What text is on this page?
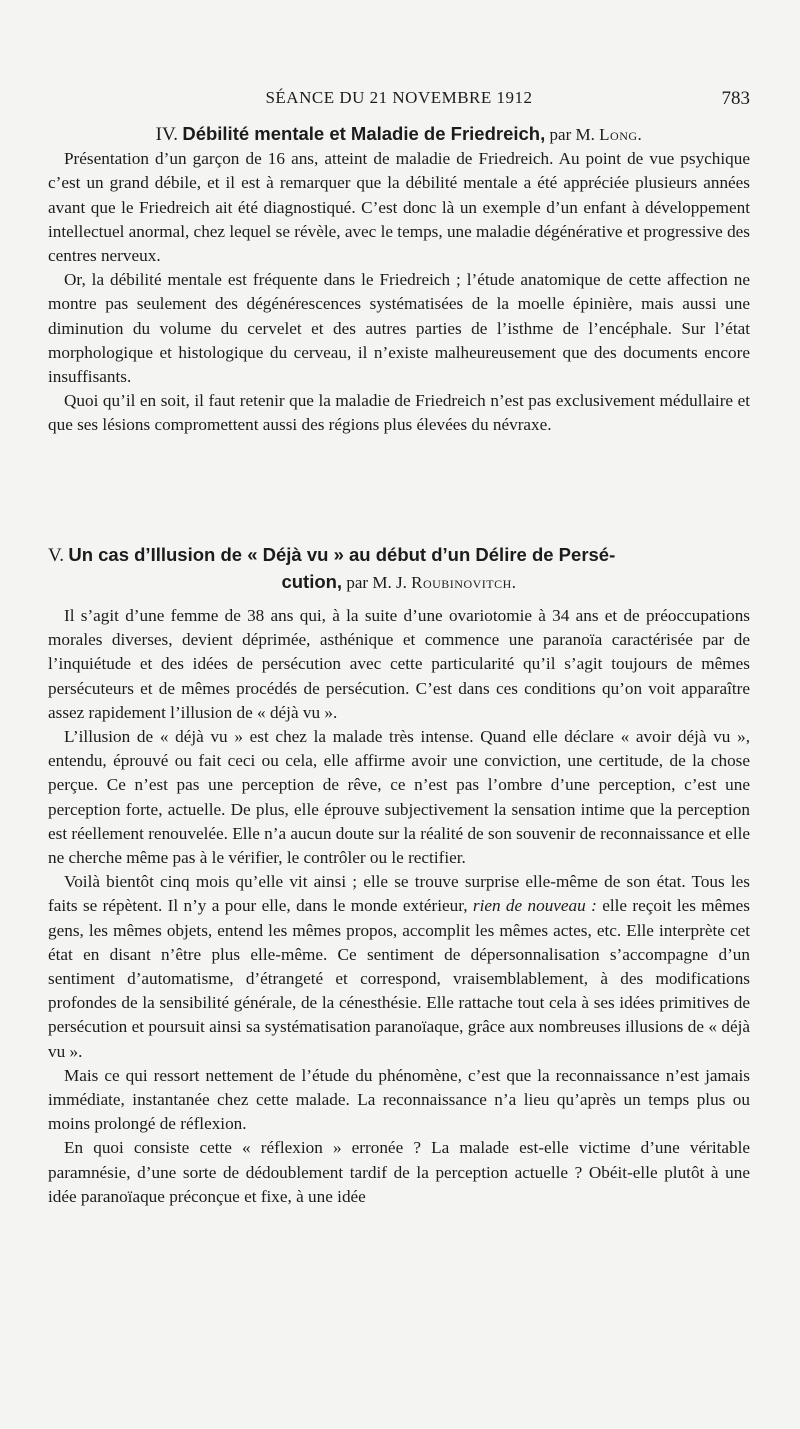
SÉANCE DU 21 NOVEMBRE 1912	783

IV. Débilité mentale et Maladie de Friedreich, par M. Long.

Présentation d’un garçon de 16 ans, atteint de maladie de Friedreich. Au point de vue psychique c’est un grand débile, et il est à remarquer que la débilité mentale a été appréciée plusieurs années avant que le Friedreich ait été diagnostiqué. C’est donc là un exemple d’un enfant à développement intellectuel anormal, chez lequel se révèle, avec le temps, une maladie dégénérative et progressive des centres nerveux.

Or, la débilité mentale est fréquente dans le Friedreich ; l’étude anatomique de cette affection ne montre pas seulement des dégénérescences systématisées de la moelle épinière, mais aussi une diminution du volume du cervelet et des autres parties de l’isthme de l’encéphale. Sur l’état morphologique et histologique du cerveau, il n’existe malheureusement que des documents encore insuffisants.

Quoi qu’il en soit, il faut retenir que la maladie de Friedreich n’est pas exclusivement médullaire et que ses lésions compromettent aussi des régions plus élevées du névraxe.

V. Un cas d’Illusion de « Déjà vu » au début d’un Délire de Persé-
cution, par M. J. Roubinovitch.

Il s’agit d’une femme de 38 ans qui, à la suite d’une ovariotomie à 34 ans et de préoccupations morales diverses, devient déprimée, asthénique et commence une paranoïa caractérisée par de l’inquiétude et des idées de persécution avec cette particularité qu’il s’agit toujours de mêmes persécuteurs et de mêmes procédés de persécution. C’est dans ces conditions qu’on voit apparaître assez rapidement l’illusion de « déjà vu ».

L’illusion de « déjà vu » est chez la malade très intense. Quand elle déclare « avoir déjà vu », entendu, éprouvé ou fait ceci ou cela, elle affirme avoir une conviction, une certitude, de la chose perçue. Ce n’est pas une perception de rêve, ce n’est pas l’ombre d’une perception, c’est une perception forte, actuelle. De plus, elle éprouve subjectivement la sensation intime que la perception est réellement renouvelée. Elle n’a aucun doute sur la réalité de son souvenir de reconnaissance et elle ne cherche même pas à le vérifier, le contrôler ou le rectifier.

Voilà bientôt cinq mois qu’elle vit ainsi ; elle se trouve surprise elle-même de son état. Tous les faits se répètent. Il n’y a pour elle, dans le monde extérieur, rien de nouveau : elle reçoit les mêmes gens, les mêmes objets, entend les mêmes propos, accomplit les mêmes actes, etc. Elle interprète cet état en disant n’être plus elle-même. Ce sentiment de dépersonnalisation s’accompagne d’un sentiment d’automatisme, d’étrangeté et correspond, vraisemblablement, à des modifications profondes de la sensibilité générale, de la cénesthésie. Elle rattache tout cela à ses idées primitives de persécution et poursuit ainsi sa systématisation paranoïaque, grâce aux nombreuses illusions de « déjà vu ».

Mais ce qui ressort nettement de l’étude du phénomène, c’est que la reconnaissance n’est jamais immédiate, instantanée chez cette malade. La reconnaissance n’a lieu qu’après un temps plus ou moins prolongé de réflexion.

En quoi consiste cette « réflexion » erronée ? La malade est-elle victime d’une véritable paramnésie, d’une sorte de dédoublement tardif de la perception actuelle ? Obéit-elle plutôt à une idée paranoïaque préconçue et fixe, à une idée
